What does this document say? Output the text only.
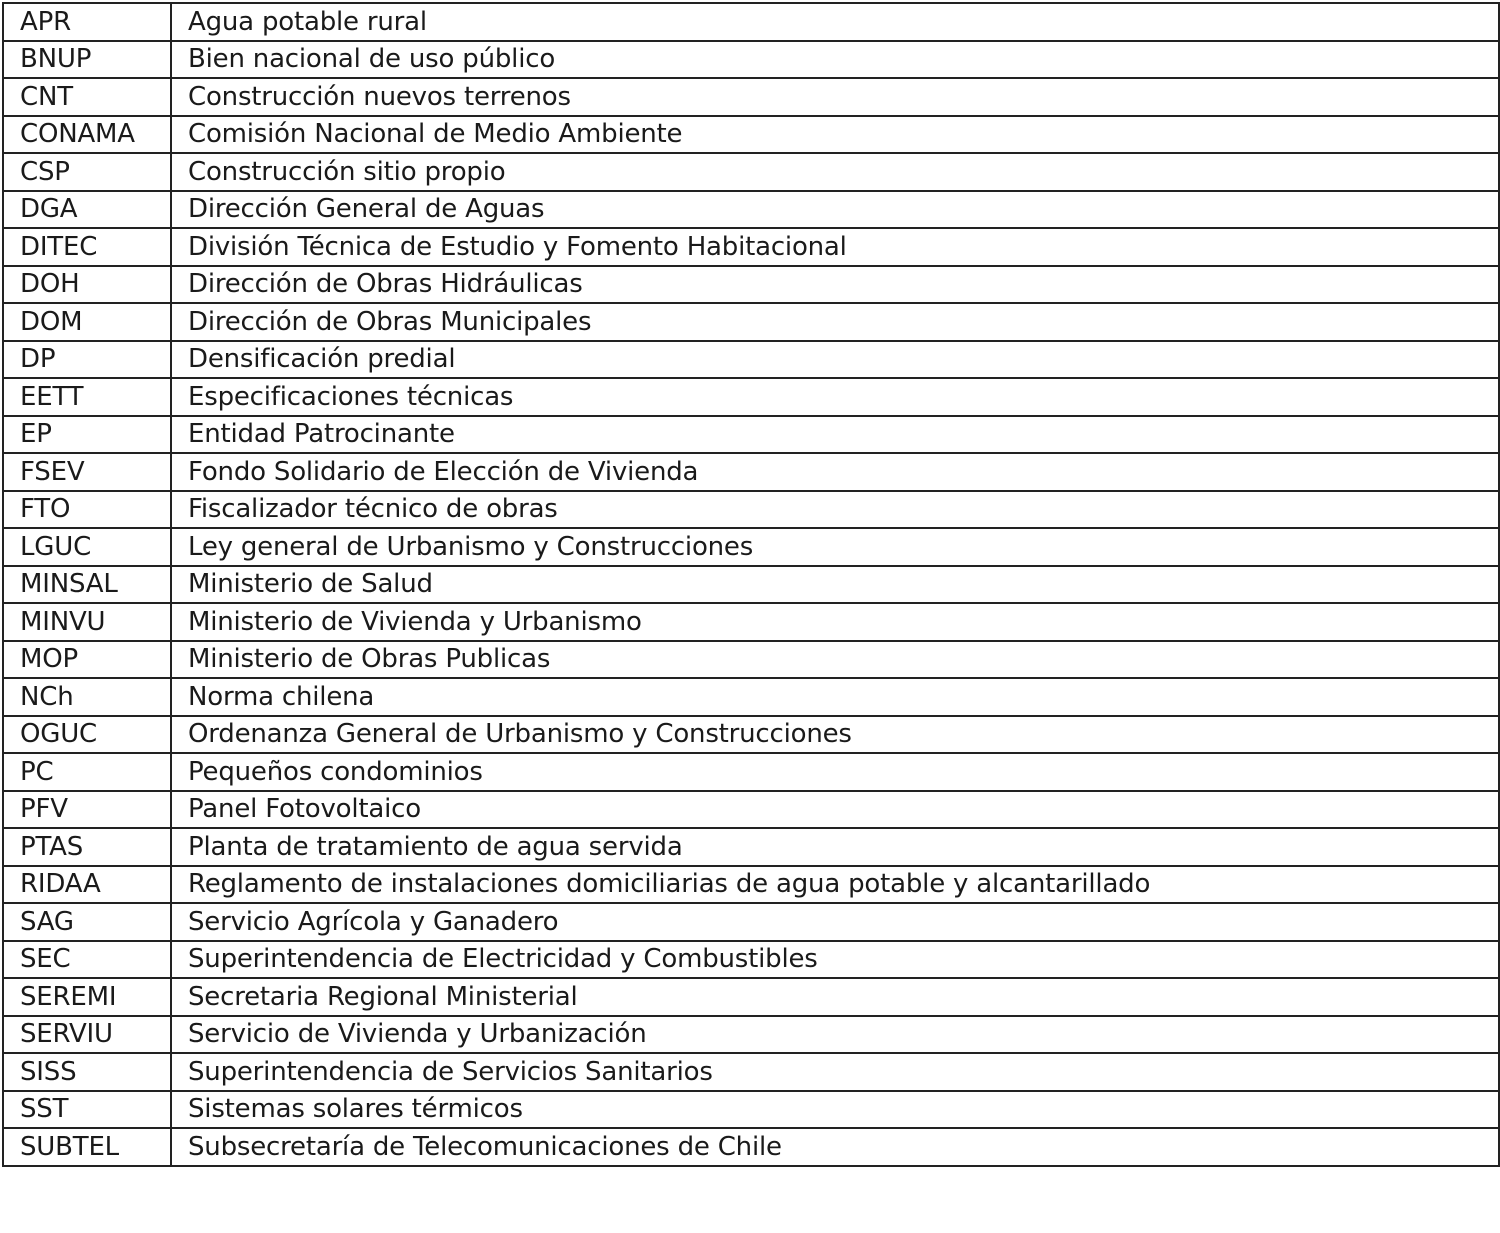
APR	Agua potable rural
BNUP	Bien nacional de uso público
CNT	Construcción nuevos terrenos
CONAMA	Comisión Nacional de Medio Ambiente
CSP	Construcción sitio propio
DGA	Dirección General de Aguas
DITEC	División Técnica de Estudio y Fomento Habitacional
DOH	Dirección de Obras Hidráulicas
DOM	Dirección de Obras Municipales
DP	Densificación predial
EETT	Especificaciones técnicas
EP	Entidad Patrocinante
FSEV	Fondo Solidario de Elección de Vivienda
FTO	Fiscalizador técnico de obras
LGUC	Ley general de Urbanismo y Construcciones
MINSAL	Ministerio de Salud
MINVU	Ministerio de Vivienda y Urbanismo
MOP	Ministerio de Obras Publicas
NCh	Norma chilena
OGUC	Ordenanza General de Urbanismo y Construcciones
PC	Pequeños condominios
PFV	Panel Fotovoltaico
PTAS	Planta de tratamiento de agua servida
RIDAA	Reglamento de instalaciones domiciliarias de agua potable y alcantarillado
SAG	Servicio Agrícola y Ganadero
SEC	Superintendencia de Electricidad y Combustibles
SEREMI	Secretaria Regional Ministerial
SERVIU	Servicio de Vivienda y Urbanización
SISS	Superintendencia de Servicios Sanitarios
SST	Sistemas solares térmicos
SUBTEL	Subsecretaría de Telecomunicaciones de Chile
